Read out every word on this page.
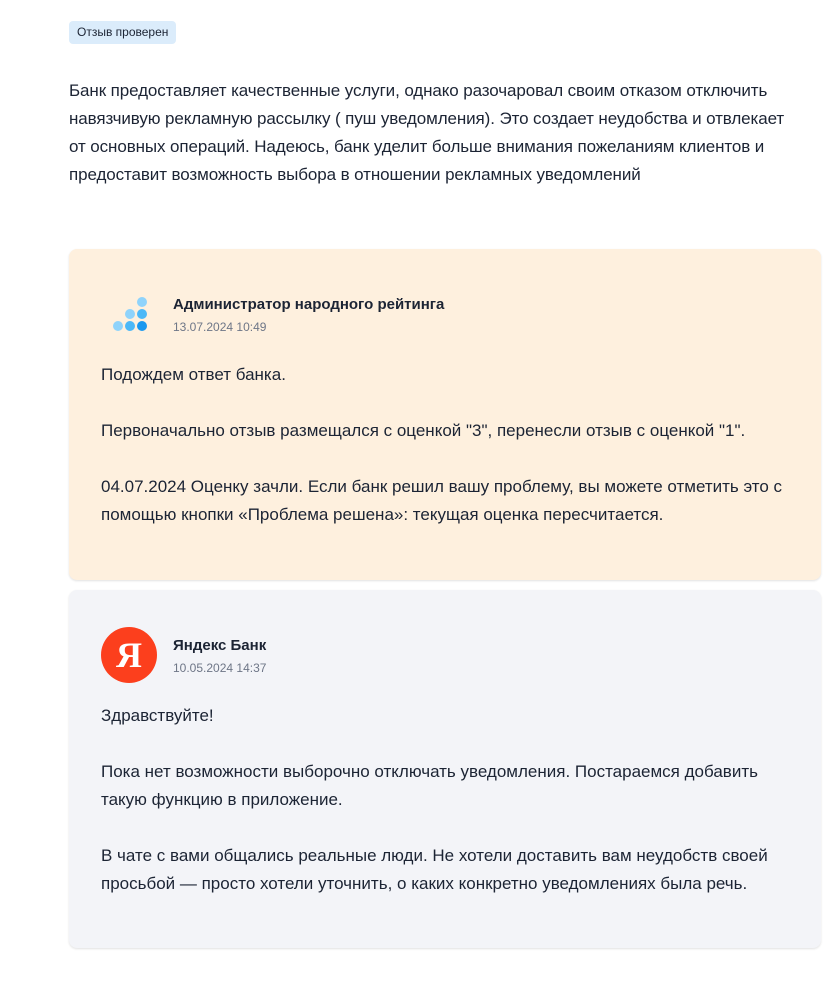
Отзыв проверен
Банк предоставляет качественные услуги, однако разочаровал своим отказом отключить навязчивую рекламную рассылку ( пуш уведомления). Это создает неудобства и отвлекает от основных операций. Надеюсь, банк уделит больше внимания пожеланиям клиентов и предоставит возможность выбора в отношении рекламных уведомлений
Администратор народного рейтинга
13.07.2024 10:49

Подождем ответ банка.

Первоначально отзыв размещался с оценкой "3", перенесли отзыв с оценкой "1".

04.07.2024 Оценку зачли. Если банк решил вашу проблему, вы можете отметить это с помощью кнопки «Проблема решена»: текущая оценка пересчитается.

Я	Яндекс Банк
10.05.2024 14:37

Здравствуйте!

Пока нет возможности выборочно отключать уведомления. Постараемся добавить такую функцию в приложение.

В чате с вами общались реальные люди. Не хотели доставить вам неудобств своей просьбой — просто хотели уточнить, о каких конкретно уведомлениях была речь.
